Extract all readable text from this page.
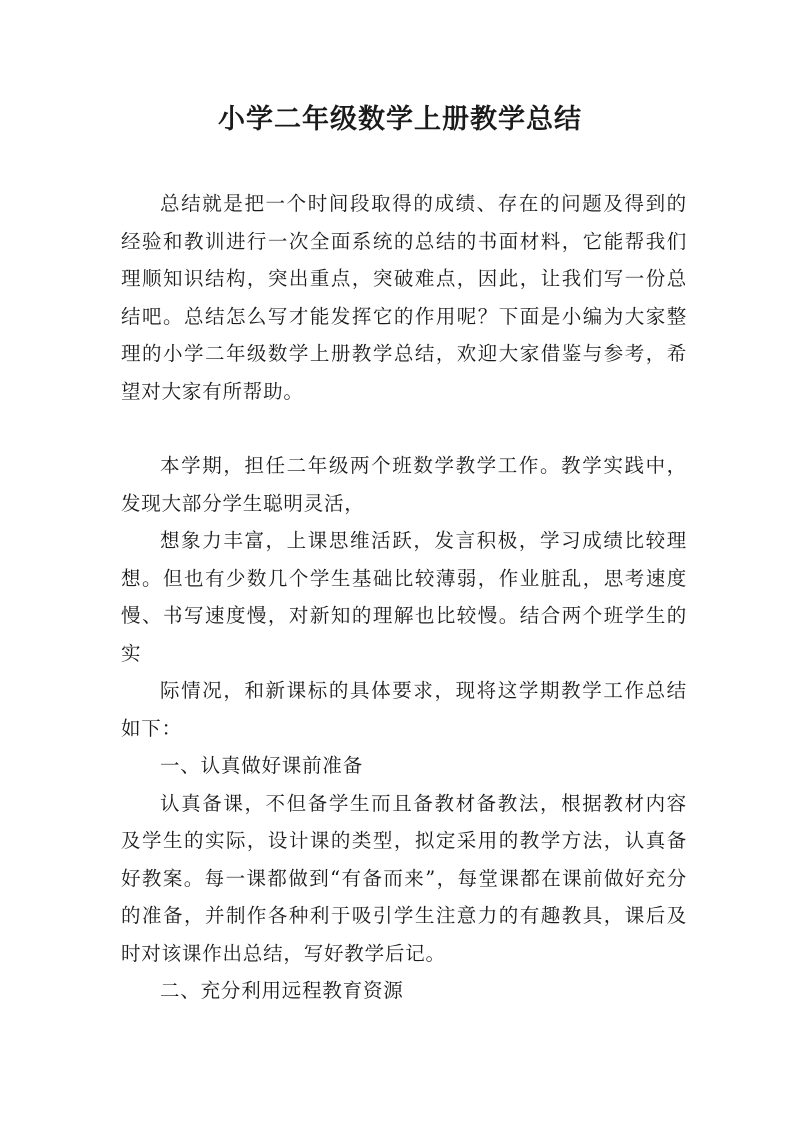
小学二年级数学上册教学总结

总结就是把一个时间段取得的成绩、存在的问题及得到的经验和教训进行一次全面系统的总结的书面材料，它能帮我们理顺知识结构，突出重点，突破难点，因此，让我们写一份总结吧。总结怎么写才能发挥它的作用呢？下面是小编为大家整理的小学二年级数学上册教学总结，欢迎大家借鉴与参考，希望对大家有所帮助。

本学期，担任二年级两个班数学教学工作。教学实践中，发现大部分学生聪明灵活，

想象力丰富，上课思维活跃，发言积极，学习成绩比较理想。但也有少数几个学生基础比较薄弱，作业脏乱，思考速度慢、书写速度慢，对新知的理解也比较慢。结合两个班学生的实

际情况，和新课标的具体要求，现将这学期教学工作总结如下：

一、认真做好课前准备

认真备课，不但备学生而且备教材备教法，根据教材内容及学生的实际，设计课的类型，拟定采用的教学方法，认真备好教案。每一课都做到“有备而来”，每堂课都在课前做好充分的准备，并制作各种利于吸引学生注意力的有趣教具，课后及时对该课作出总结，写好教学后记。

二、充分利用远程教育资源
